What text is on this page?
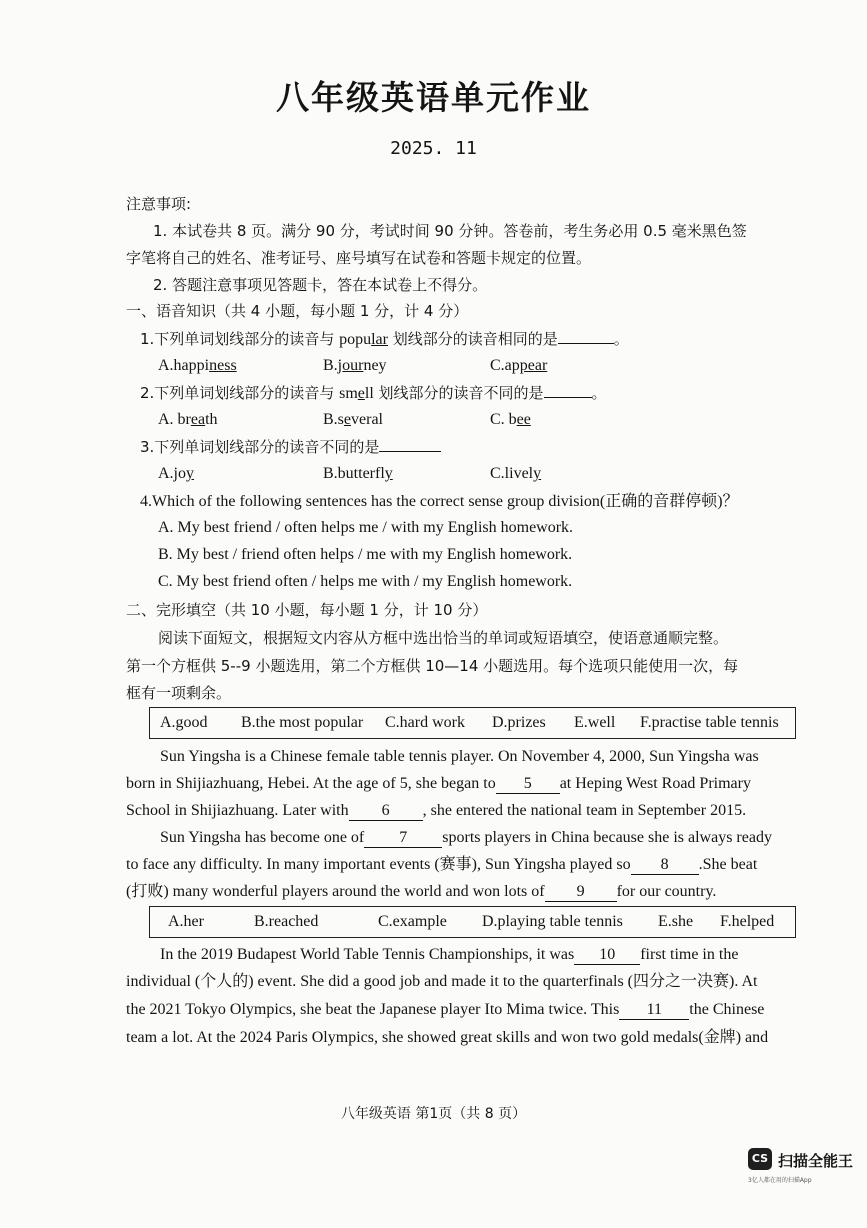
八年级英语单元作业
2025. 11
注意事项:
1. 本试卷共 8 页。满分 90 分，考试时间 90 分钟。答卷前，考生务必用 0.5 毫米黑色签
字笔将自己的姓名、准考证号、座号填写在试卷和答题卡规定的位置。
2. 答题注意事项见答题卡，答在本试卷上不得分。
一、语音知识（共 4 小题，每小题 1 分，计 4 分）
1.下列单词划线部分的读音与 popular 划线部分的读音相同的是	。
A.happiness	B.journey	C.appear
2.下列单词划线部分的读音与 smell 划线部分的读音不同的是	。
A. breath	B.several	C. bee
3.下列单词划线部分的读音不同的是
A.joy	B.butterfly	C.lively
4.Which of the following sentences has the correct sense group division(正确的音群停顿)？
A. My best friend / often helps me / with my English homework.
B. My best / friend often helps / me with my English homework.
C. My best friend often / helps me with / my English homework.
二、完形填空（共 10 小题，每小题 1 分，计 10 分）
阅读下面短文，根据短文内容从方框中选出恰当的单词或短语填空，使语意通顺完整。
第一个方框供 5--9 小题选用，第二个方框供 10—14 小题选用。每个选项只能使用一次，每
框有一项剩余。
A.good B.the most popular C.hard work D.prizes E.well F.practise table tennis
Sun Yingsha is a Chinese female table tennis player. On November 4, 2000, Sun Yingsha was
born in Shijiazhuang, Hebei. At the age of 5, she began to 5 at Heping West Road Primary
School in Shijiazhuang. Later with 6 , she entered the national team in September 2015.
Sun Yingsha has become one of 7 sports players in China because she is always ready
to face any difficulty. In many important events (赛事), Sun Yingsha played so 8 .She beat
(打败) many wonderful players around the world and won lots of 9 for our country.
A.her	B.reached	C.example D.playing table tennis E.she F.helped
In the 2019 Budapest World Table Tennis Championships, it was 10 first time in the
individual (个人的) event. She did a good job and made it to the quarterfinals (四分之一决赛). At
the 2021 Tokyo Olympics, she beat the Japanese player Ito Mima twice. This 11 the Chinese
team a lot. At the 2024 Paris Olympics, she showed great skills and won two gold medals(金牌) and
八年级英语 第1页（共 8 页）
CS 扫描全能王
3亿人都在用的扫描App
